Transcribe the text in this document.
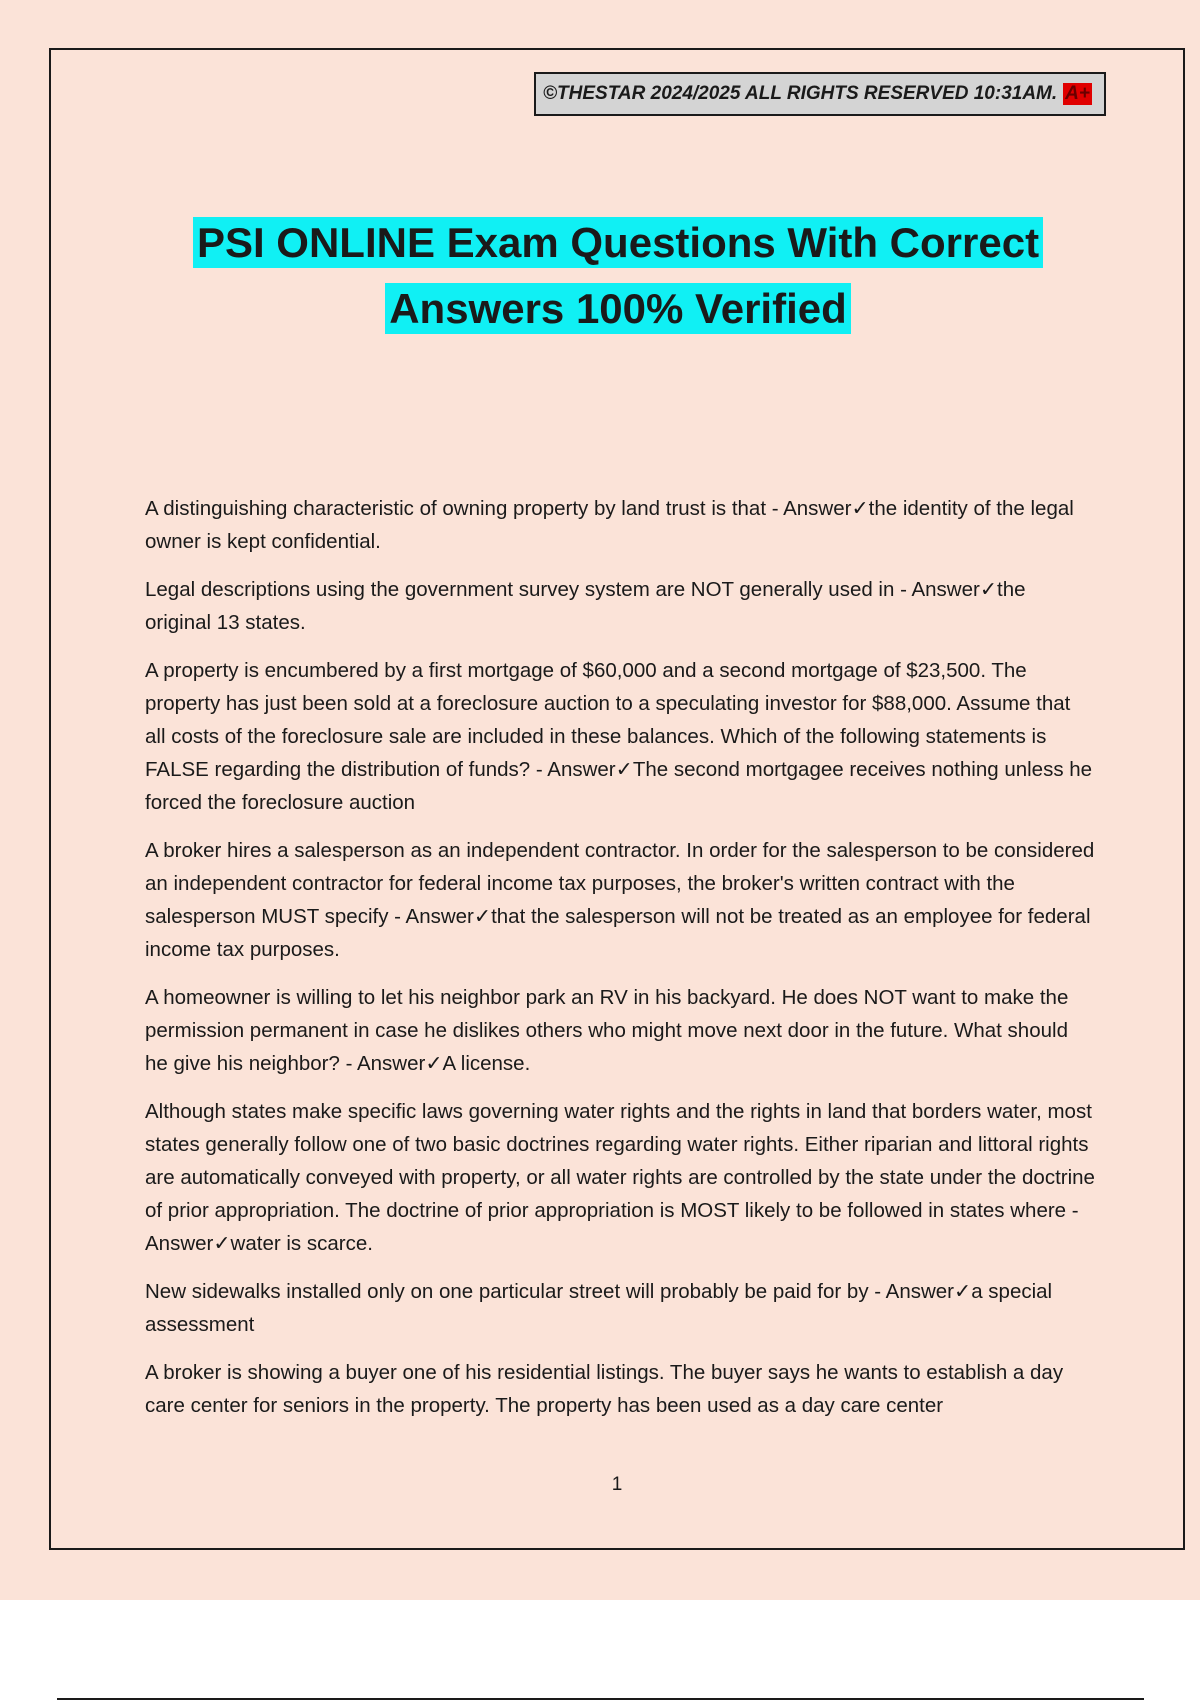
©THESTAR 2024/2025 ALL RIGHTS RESERVED 10:31AM. A+
PSI ONLINE Exam Questions With Correct
Answers 100% Verified

A distinguishing characteristic of owning property by land trust is that - Answer✓the identity of the legal owner is kept confidential.

Legal descriptions using the government survey system are NOT generally used in - Answer✓the original 13 states.

A property is encumbered by a first mortgage of $60,000 and a second mortgage of $23,500. The property has just been sold at a foreclosure auction to a speculating investor for $88,000. Assume that all costs of the foreclosure sale are included in these balances. Which of the following statements is FALSE regarding the distribution of funds? - Answer✓The second mortgagee receives nothing unless he forced the foreclosure auction

A broker hires a salesperson as an independent contractor. In order for the salesperson to be considered an independent contractor for federal income tax purposes, the broker's written contract with the salesperson MUST specify - Answer✓that the salesperson will not be treated as an employee for federal income tax purposes.

A homeowner is willing to let his neighbor park an RV in his backyard. He does NOT want to make the permission permanent in case he dislikes others who might move next door in the future. What should he give his neighbor? - Answer✓A license.

Although states make specific laws governing water rights and the rights in land that borders water, most states generally follow one of two basic doctrines regarding water rights. Either riparian and littoral rights are automatically conveyed with property, or all water rights are controlled by the state under the doctrine of prior appropriation. The doctrine of prior appropriation is MOST likely to be followed in states where - Answer✓water is scarce.

New sidewalks installed only on one particular street will probably be paid for by - Answer✓a special assessment

A broker is showing a buyer one of his residential listings. The buyer says he wants to establish a day care center for seniors in the property. The property has been used as a day care center

1
